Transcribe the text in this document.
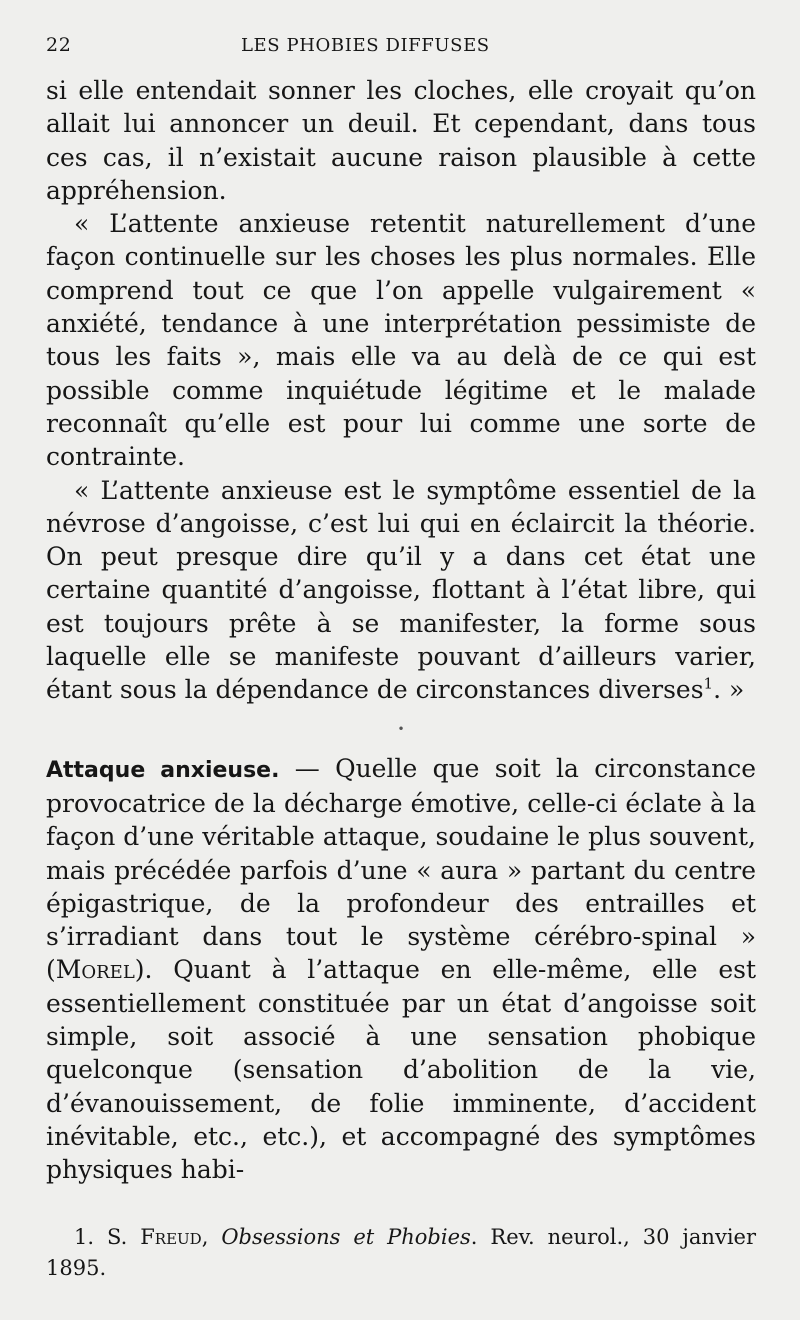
22	LES PHOBIES DIFFUSES

si elle entendait sonner les cloches, elle croyait qu’on allait lui annoncer un deuil. Et cependant, dans tous ces cas, il n’existait aucune raison plausible à cette appréhension.

« L’attente anxieuse retentit naturellement d’une façon continuelle sur les choses les plus normales. Elle comprend tout ce que l’on appelle vulgairement « anxiété, tendance à une interprétation pessimiste de tous les faits », mais elle va au delà de ce qui est possible comme inquiétude légitime et le malade reconnaît qu’elle est pour lui comme une sorte de contrainte.

« L’attente anxieuse est le symptôme essentiel de la névrose d’angoisse, c’est lui qui en éclaircit la théorie. On peut presque dire qu’il y a dans cet état une certaine quantité d’angoisse, flottant à l’état libre, qui est toujours prête à se manifester, la forme sous laquelle elle se manifeste pouvant d’ailleurs varier, étant sous la dépendance de circonstances diverses$^1$. »

•

Attaque anxieuse. — Quelle que soit la circonstance provocatrice de la décharge émotive, celle-ci éclate à la façon d’une véritable attaque, soudaine le plus souvent, mais précédée parfois d’une « aura » partant du centre épigastrique, de la profondeur des entrailles et s’irradiant dans tout le système cérébro-spinal » (Morel). Quant à l’attaque en elle-même, elle est essentiellement constituée par un état d’angoisse soit simple, soit associé à une sensation phobique quelconque (sensation d’abolition de la vie, d’évanouissement, de folie imminente, d’accident inévitable, etc., etc.), et accompagné des symptômes physiques habi-

1. S. Freud, Obsessions et Phobies. Rev. neurol., 30 janvier 1895.
